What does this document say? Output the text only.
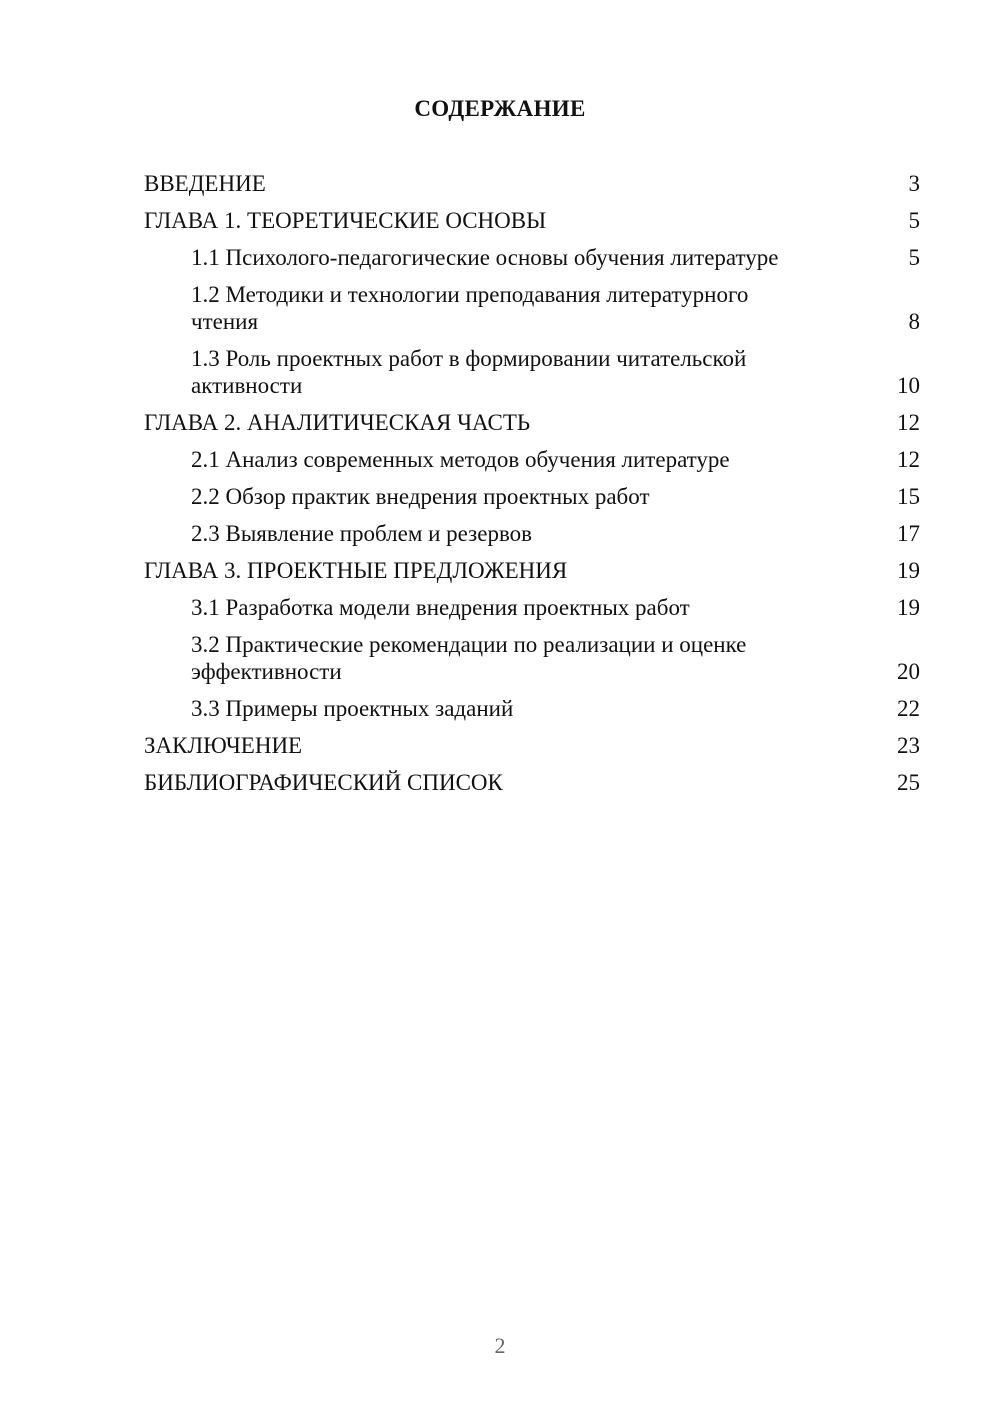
СОДЕРЖАНИЕ
ВВЕДЕНИЕ	3
ГЛАВА 1. ТЕОРЕТИЧЕСКИЕ ОСНОВЫ	5
1.1 Психолого-педагогические основы обучения литературе	5
1.2 Методики и технологии преподавания литературного чтения	8
1.3 Роль проектных работ в формировании читательской активности	10
ГЛАВА 2. АНАЛИТИЧЕСКАЯ ЧАСТЬ	12
2.1 Анализ современных методов обучения литературе	12
2.2 Обзор практик внедрения проектных работ	15
2.3 Выявление проблем и резервов	17
ГЛАВА 3. ПРОЕКТНЫЕ ПРЕДЛОЖЕНИЯ	19
3.1 Разработка модели внедрения проектных работ	19
3.2 Практические рекомендации по реализации и оценке эффективности	20
3.3 Примеры проектных заданий	22
ЗАКЛЮЧЕНИЕ	23
БИБЛИОГРАФИЧЕСКИЙ СПИСОК	25
2
